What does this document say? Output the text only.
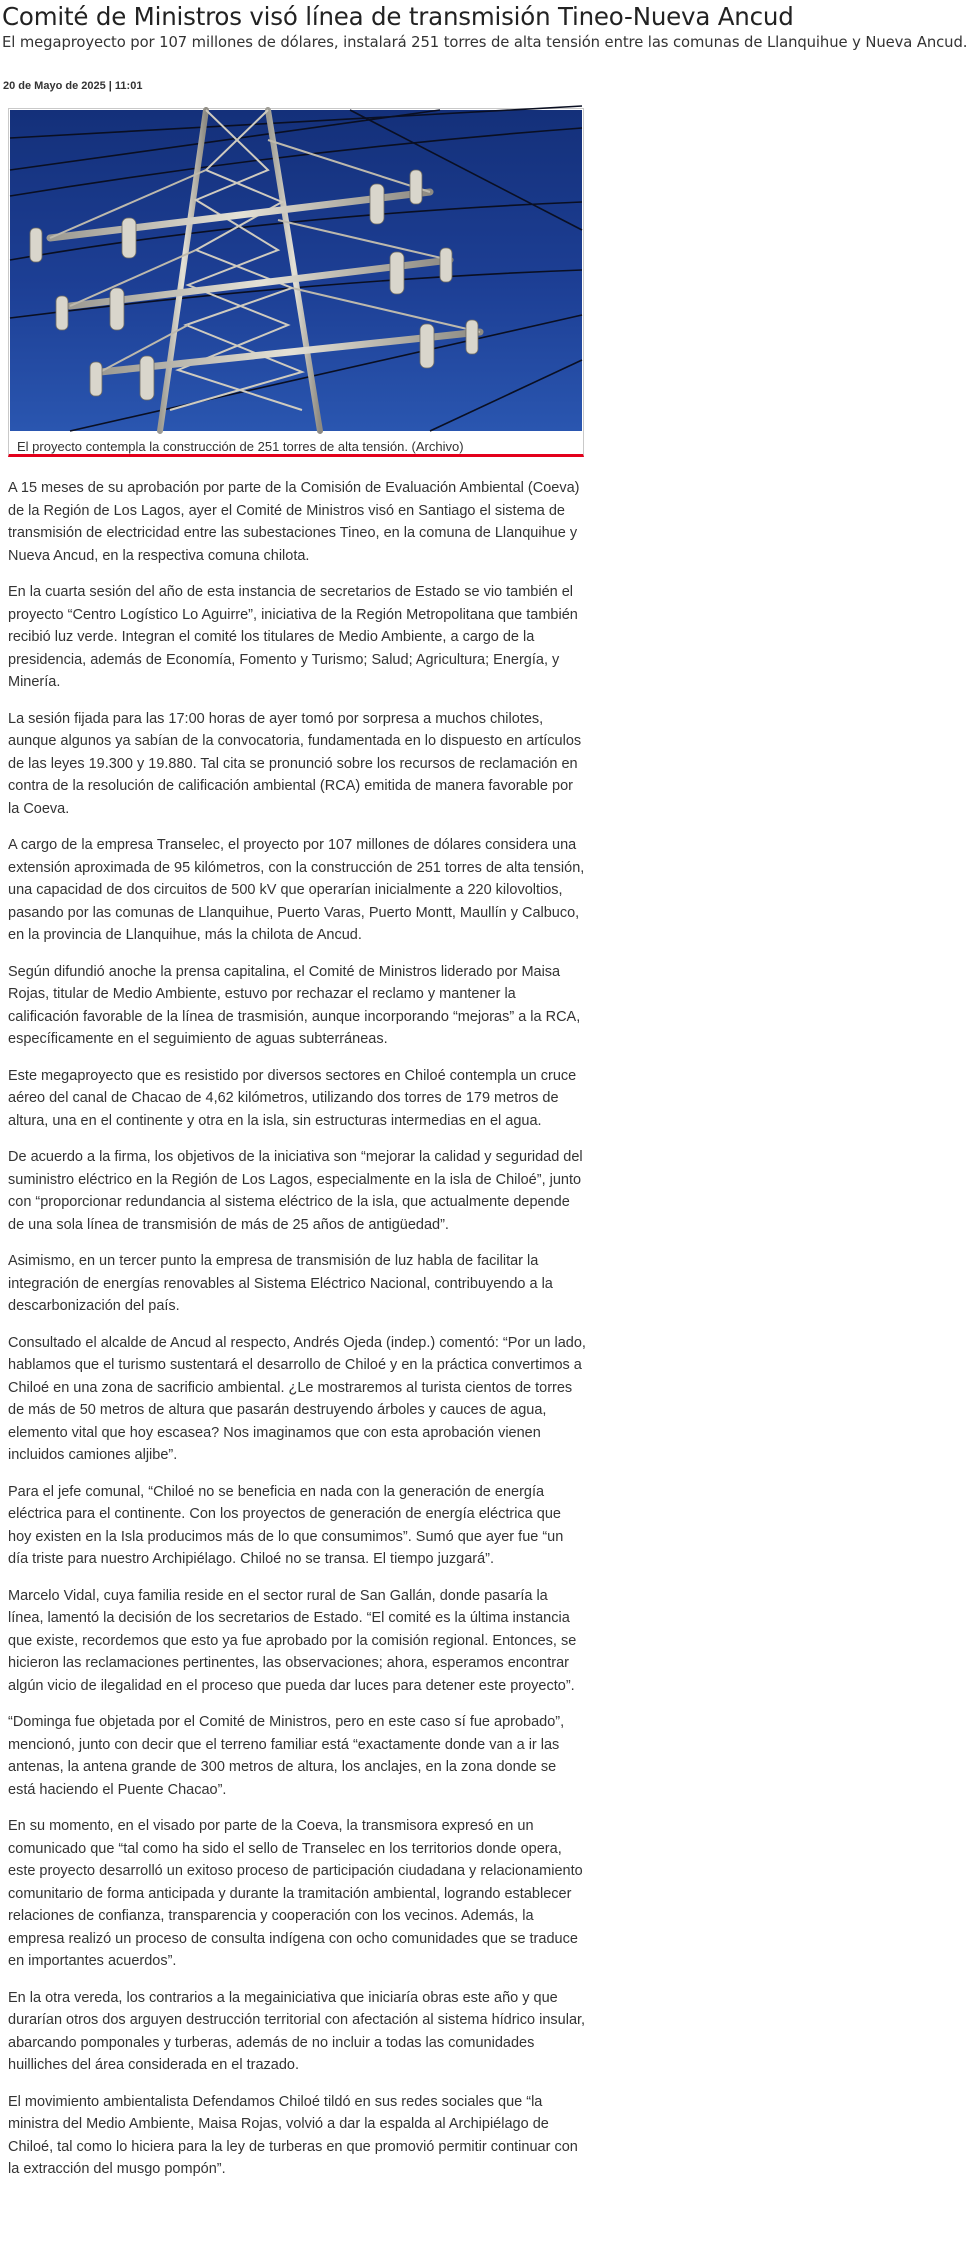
Comité de Ministros visó línea de transmisión Tineo-Nueva Ancud

El megaproyecto por 107 millones de dólares, instalará 251 torres de alta tensión entre las comunas de Llanquihue y Nueva Ancud.

20 de Mayo de 2025 | 11:01
El proyecto contempla la construcción de 251 torres de alta tensión. (Archivo)

A 15 meses de su aprobación por parte de la Comisión de Evaluación Ambiental (Coeva) de la Región de Los Lagos, ayer el Comité de Ministros visó en Santiago el sistema de transmisión de electricidad entre las subestaciones Tineo, en la comuna de Llanquihue y Nueva Ancud, en la respectiva comuna chilota.

En la cuarta sesión del año de esta instancia de secretarios de Estado se vio también el proyecto “Centro Logístico Lo Aguirre”, iniciativa de la Región Metropolitana que también recibió luz verde. Integran el comité los titulares de Medio Ambiente, a cargo de la presidencia, además de Economía, Fomento y Turismo; Salud; Agricultura; Energía, y Minería.

La sesión fijada para las 17:00 horas de ayer tomó por sorpresa a muchos chilotes, aunque algunos ya sabían de la convocatoria, fundamentada en lo dispuesto en artículos de las leyes 19.300 y 19.880. Tal cita se pronunció sobre los recursos de reclamación en contra de la resolución de calificación ambiental (RCA) emitida de manera favorable por la Coeva.

A cargo de la empresa Transelec, el proyecto por 107 millones de dólares considera una extensión aproximada de 95 kilómetros, con la construcción de 251 torres de alta tensión, una capacidad de dos circuitos de 500 kV que operarían inicialmente a 220 kilovoltios, pasando por las comunas de Llanquihue, Puerto Varas, Puerto Montt, Maullín y Calbuco, en la provincia de Llanquihue, más la chilota de Ancud.

Según difundió anoche la prensa capitalina, el Comité de Ministros liderado por Maisa Rojas, titular de Medio Ambiente, estuvo por rechazar el reclamo y mantener la calificación favorable de la línea de trasmisión, aunque incorporando “mejoras” a la RCA, específicamente en el seguimiento de aguas subterráneas.

Este megaproyecto que es resistido por diversos sectores en Chiloé contempla un cruce aéreo del canal de Chacao de 4,62 kilómetros, utilizando dos torres de 179 metros de altura, una en el continente y otra en la isla, sin estructuras intermedias en el agua.

De acuerdo a la firma, los objetivos de la iniciativa son “mejorar la calidad y seguridad del suministro eléctrico en la Región de Los Lagos, especialmente en la isla de Chiloé”, junto con “proporcionar redundancia al sistema eléctrico de la isla, que actualmente depende de una sola línea de transmisión de más de 25 años de antigüedad”.

Asimismo, en un tercer punto la empresa de transmisión de luz habla de facilitar la integración de energías renovables al Sistema Eléctrico Nacional, contribuyendo a la descarbonización del país.

Consultado el alcalde de Ancud al respecto, Andrés Ojeda (indep.) comentó: “Por un lado, hablamos que el turismo sustentará el desarrollo de Chiloé y en la práctica convertimos a Chiloé en una zona de sacrificio ambiental. ¿Le mostraremos al turista cientos de torres de más de 50 metros de altura que pasarán destruyendo árboles y cauces de agua, elemento vital que hoy escasea? Nos imaginamos que con esta aprobación vienen incluidos camiones aljibe”.

Para el jefe comunal, “Chiloé no se beneficia en nada con la generación de energía eléctrica para el continente. Con los proyectos de generación de energía eléctrica que hoy existen en la Isla producimos más de lo que consumimos”. Sumó que ayer fue “un día triste para nuestro Archipiélago. Chiloé no se transa. El tiempo juzgará”.

Marcelo Vidal, cuya familia reside en el sector rural de San Gallán, donde pasaría la línea, lamentó la decisión de los secretarios de Estado. “El comité es la última instancia que existe, recordemos que esto ya fue aprobado por la comisión regional. Entonces, se hicieron las reclamaciones pertinentes, las observaciones; ahora, esperamos encontrar algún vicio de ilegalidad en el proceso que pueda dar luces para detener este proyecto”.

“Dominga fue objetada por el Comité de Ministros, pero en este caso sí fue aprobado”, mencionó, junto con decir que el terreno familiar está “exactamente donde van a ir las antenas, la antena grande de 300 metros de altura, los anclajes, en la zona donde se está haciendo el Puente Chacao”.

En su momento, en el visado por parte de la Coeva, la transmisora expresó en un comunicado que “tal como ha sido el sello de Transelec en los territorios donde opera, este proyecto desarrolló un exitoso proceso de participación ciudadana y relacionamiento comunitario de forma anticipada y durante la tramitación ambiental, logrando establecer relaciones de confianza, transparencia y cooperación con los vecinos. Además, la empresa realizó un proceso de consulta indígena con ocho comunidades que se traduce en importantes acuerdos”.

En la otra vereda, los contrarios a la megainiciativa que iniciaría obras este año y que durarían otros dos arguyen destrucción territorial con afectación al sistema hídrico insular, abarcando pomponales y turberas, además de no incluir a todas las comunidades huilliches del área considerada en el trazado.

El movimiento ambientalista Defendamos Chiloé tildó en sus redes sociales que “la ministra del Medio Ambiente, Maisa Rojas, volvió a dar la espalda al Archipiélago de Chiloé, tal como lo hiciera para la ley de turberas en que promovió permitir continuar con la extracción del musgo pompón”.
